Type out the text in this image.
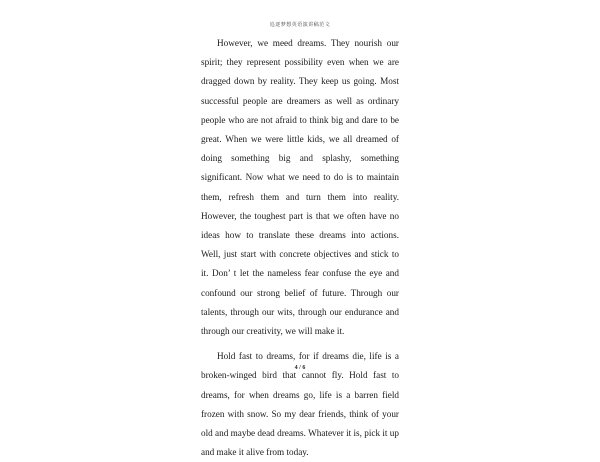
追逐梦想英语演讲稿范文

However, we meed dreams. They nourish our spirit; they represent possibility even when we are dragged down by reality. They keep us going. Most successful people are dreamers as well as ordinary people who are not afraid to think big and dare to be great. When we were little kids, we all dreamed of doing something big and splashy, something significant. Now what we need to do is to maintain them, refresh them and turn them into reality. However, the toughest part is that we often have no ideas how to translate these dreams into actions. Well, just start with concrete objectives and stick to it. Don’ t let the nameless fear confuse the eye and confound our strong belief of future. Through our talents, through our wits, through our endurance and through our creativity, we will make it.

Hold fast to dreams, for if dreams die, life is a broken-winged bird that cannot fly. Hold fast to dreams, for when dreams go, life is a barren field frozen with snow. So my dear friends, think of your old and maybe dead dreams. Whatever it is, pick it up and make it alive from today.

4 / 6
